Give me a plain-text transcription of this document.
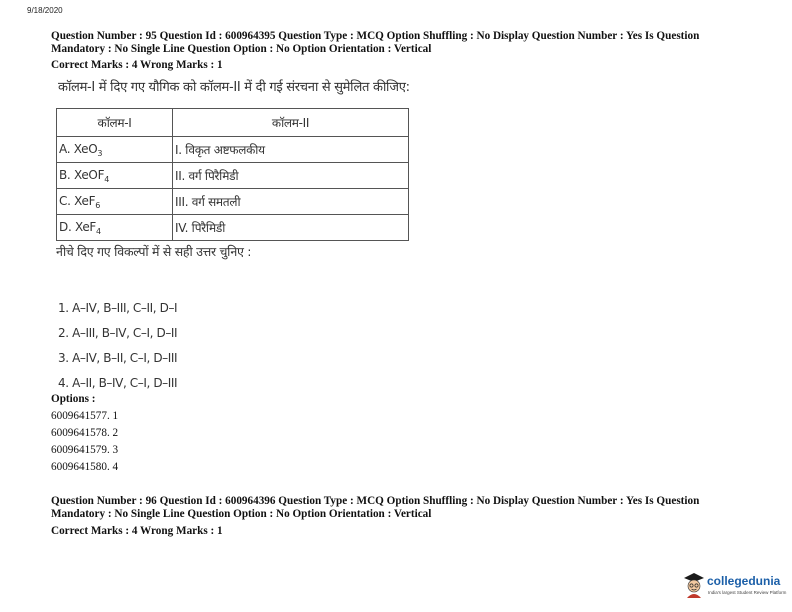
9/18/2020
Question Number : 95 Question Id : 600964395 Question Type : MCQ Option Shuffling : No Display Question Number : Yes Is Question
Mandatory : No Single Line Question Option : No Option Orientation : Vertical
Correct Marks : 4 Wrong Marks : 1
कॉलम-I में दिए गए यौगिक को कॉलम-II में दी गई संरचना से सुमेलित कीजिए:
कॉलम-I	कॉलम-II
A. XeO$_3$	I. विकृत अष्टफलकीय
B. XeOF$_4$	II. वर्ग पिरैमिडी
C. XeF$_6$	III. वर्ग समतली
D. XeF$_4$	IV. पिरैमिडी
नीचे दिए गए विकल्पों में से सही उत्तर चुनिए :
1. A–IV, B–III, C–II, D–I
2. A–III, B–IV, C–I, D–II
3. A–IV, B–II, C–I, D–III
4. A–II, B–IV, C–I, D–III
Options :
6009641577. 1
6009641578. 2
6009641579. 3
6009641580. 4
Question Number : 96 Question Id : 600964396 Question Type : MCQ Option Shuffling : No Display Question Number : Yes Is Question
Mandatory : No Single Line Question Option : No Option Orientation : Vertical
Correct Marks : 4 Wrong Marks : 1
collegedunia
India's largest Student Review Platform
